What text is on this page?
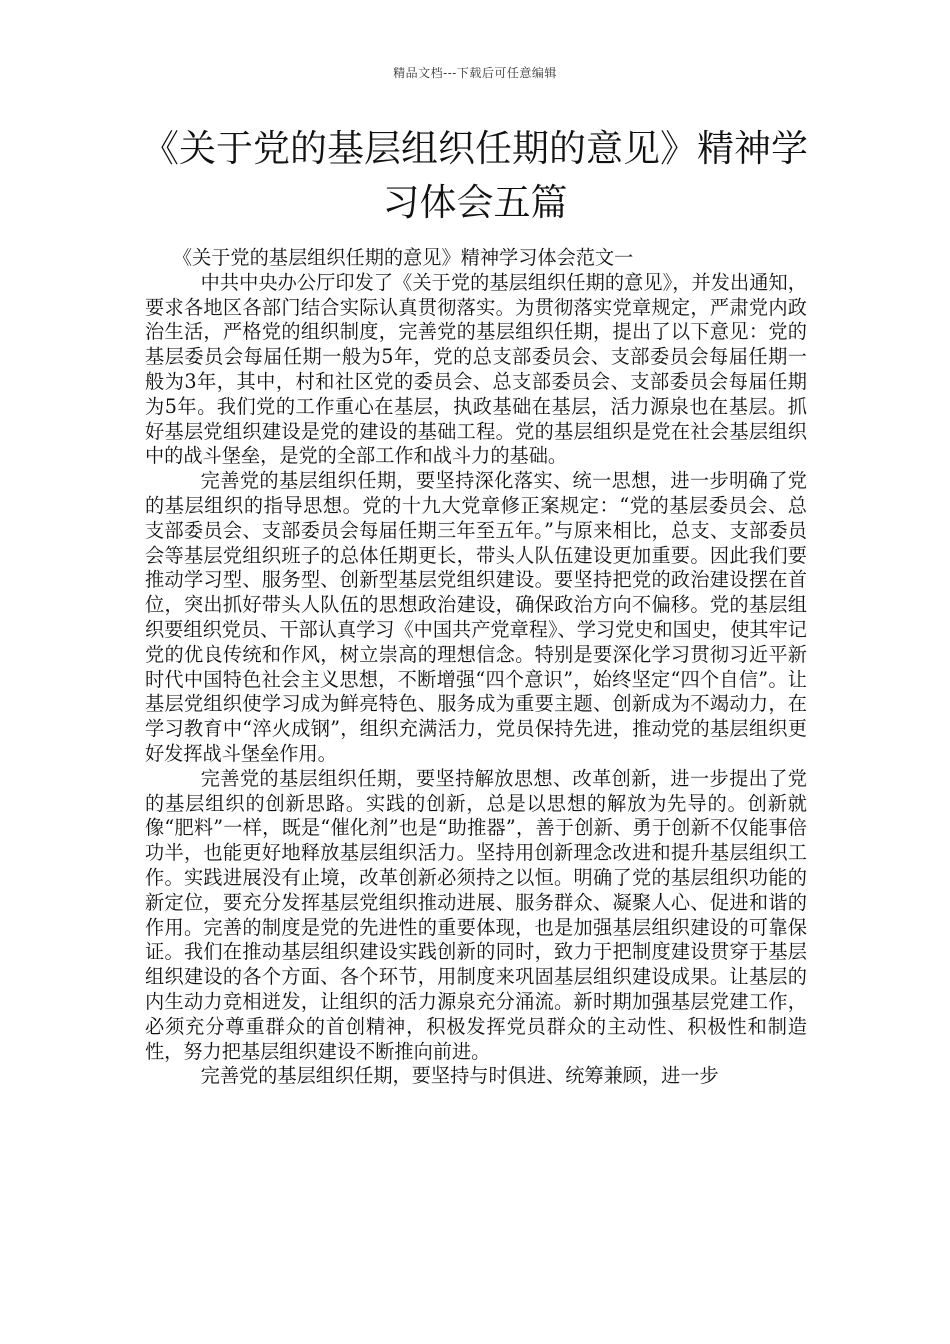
精品文档---下载后可任意编辑
《关于党的基层组织任期的意见》精神学习体会五篇

《关于党的基层组织任期的意见》精神学习体会范文一

中共中央办公厅印发了《关于党的基层组织任期的意见》，并发出通知，要求各地区各部门结合实际认真贯彻落实。为贯彻落实党章规定，严肃党内政治生活，严格党的组织制度，完善党的基层组织任期，提出了以下意见：党的基层委员会每届任期一般为5年，党的总支部委员会、支部委员会每届任期一般为3年，其中，村和社区党的委员会、总支部委员会、支部委员会每届任期为5年。我们党的工作重心在基层，执政基础在基层，活力源泉也在基层。抓好基层党组织建设是党的建设的基础工程。党的基层组织是党在社会基层组织中的战斗堡垒，是党的全部工作和战斗力的基础。

完善党的基层组织任期，要坚持深化落实、统一思想，进一步明确了党的基层组织的指导思想。党的十九大党章修正案规定：“党的基层委员会、总支部委员会、支部委员会每届任期三年至五年。”与原来相比，总支、支部委员会等基层党组织班子的总体任期更长，带头人队伍建设更加重要。因此我们要推动学习型、服务型、创新型基层党组织建设。要坚持把党的政治建设摆在首位，突出抓好带头人队伍的思想政治建设，确保政治方向不偏移。党的基层组织要组织党员、干部认真学习《中国共产党章程》、学习党史和国史，使其牢记党的优良传统和作风，树立崇高的理想信念。特别是要深化学习贯彻习近平新时代中国特色社会主义思想，不断增强“四个意识”，始终坚定“四个自信”。让基层党组织使学习成为鲜亮特色、服务成为重要主题、创新成为不竭动力，在学习教育中“淬火成钢”，组织充满活力，党员保持先进，推动党的基层组织更好发挥战斗堡垒作用。

完善党的基层组织任期，要坚持解放思想、改革创新，进一步提出了党的基层组织的创新思路。实践的创新，总是以思想的解放为先导的。创新就像“肥料”一样，既是“催化剂”也是“助推器”，善于创新、勇于创新不仅能事倍功半，也能更好地释放基层组织活力。坚持用创新理念改进和提升基层组织工作。实践进展没有止境，改革创新必须持之以恒。明确了党的基层组织功能的新定位，要充分发挥基层党组织推动进展、服务群众、凝聚人心、促进和谐的作用。完善的制度是党的先进性的重要体现，也是加强基层组织建设的可靠保证。我们在推动基层组织建设实践创新的同时，致力于把制度建设贯穿于基层组织建设的各个方面、各个环节，用制度来巩固基层组织建设成果。让基层的内生动力竞相迸发，让组织的活力源泉充分涌流。新时期加强基层党建工作，必须充分尊重群众的首创精神，积极发挥党员群众的主动性、积极性和制造性，努力把基层组织建设不断推向前进。

完善党的基层组织任期，要坚持与时俱进、统筹兼顾，进一步
